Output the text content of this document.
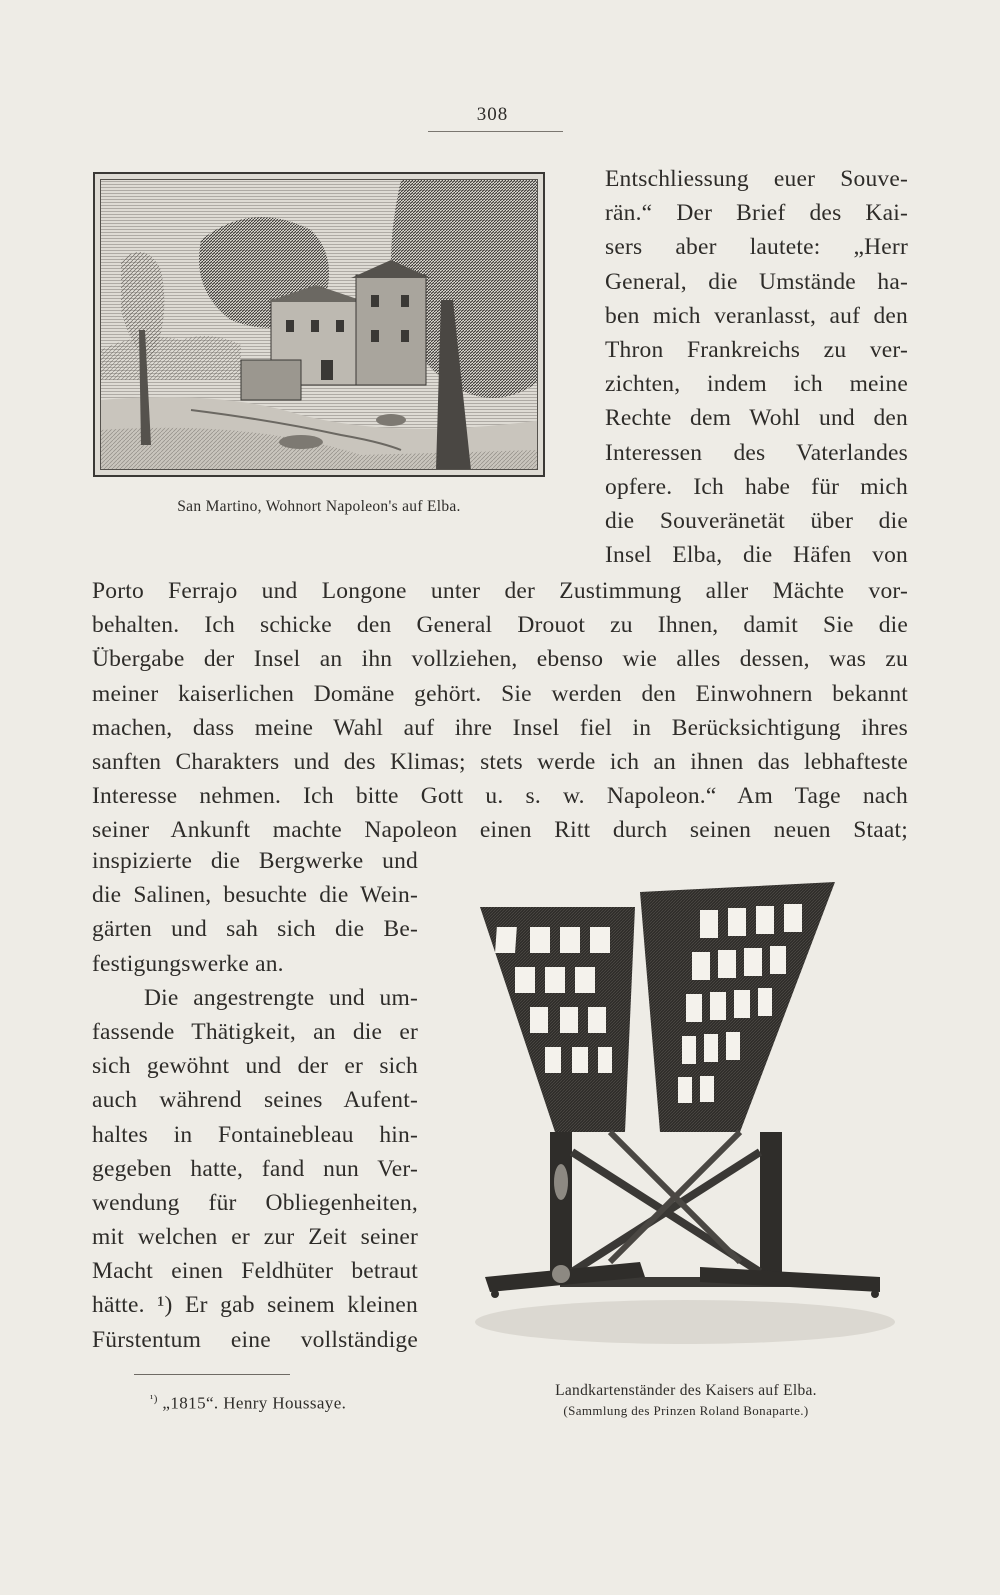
308
San Martino, Wohnort Napoleon's auf Elba.
Entschliessung euer Souve-
rän.“ Der Brief des Kai-
sers aber lautete: „Herr
General, die Umstände ha-
ben mich veranlasst, auf den
Thron Frankreichs zu ver-
zichten, indem ich meine
Rechte dem Wohl und den
Interessen des Vaterlandes
opfere. Ich habe für mich
die Souveränetät über die
Insel Elba, die Häfen von
Porto Ferrajo und Longone unter der Zustimmung aller Mächte vor-
behalten. Ich schicke den General Drouot zu Ihnen, damit Sie die
Übergabe der Insel an ihn vollziehen, ebenso wie alles dessen, was zu
meiner kaiserlichen Domäne gehört. Sie werden den Einwohnern bekannt
machen, dass meine Wahl auf ihre Insel fiel in Berücksichtigung ihres
sanften Charakters und des Klimas; stets werde ich an ihnen das lebhafteste
Interesse nehmen. Ich bitte Gott u. s. w. Napoleon.“ Am Tage nach
seiner Ankunft machte Napoleon einen Ritt durch seinen neuen Staat;
inspizierte die Bergwerke und
die Salinen, besuchte die Wein-
gärten und sah sich die Be-
festigungswerke an.
Die angestrengte und um-
fassende Thätigkeit, an die er
sich gewöhnt und der er sich
auch während seines Aufent-
haltes in Fontainebleau hin-
gegeben hatte, fand nun Ver-
wendung für Obliegenheiten,
mit welchen er zur Zeit seiner
Macht einen Feldhüter betraut
hätte. ¹) Er gab seinem kleinen
Fürstentum eine vollständige
Landkartenständer des Kaisers auf Elba.
(Sammlung des Prinzen Roland Bonaparte.)
$^{^1)}$ „1815“. Henry Houssaye.
